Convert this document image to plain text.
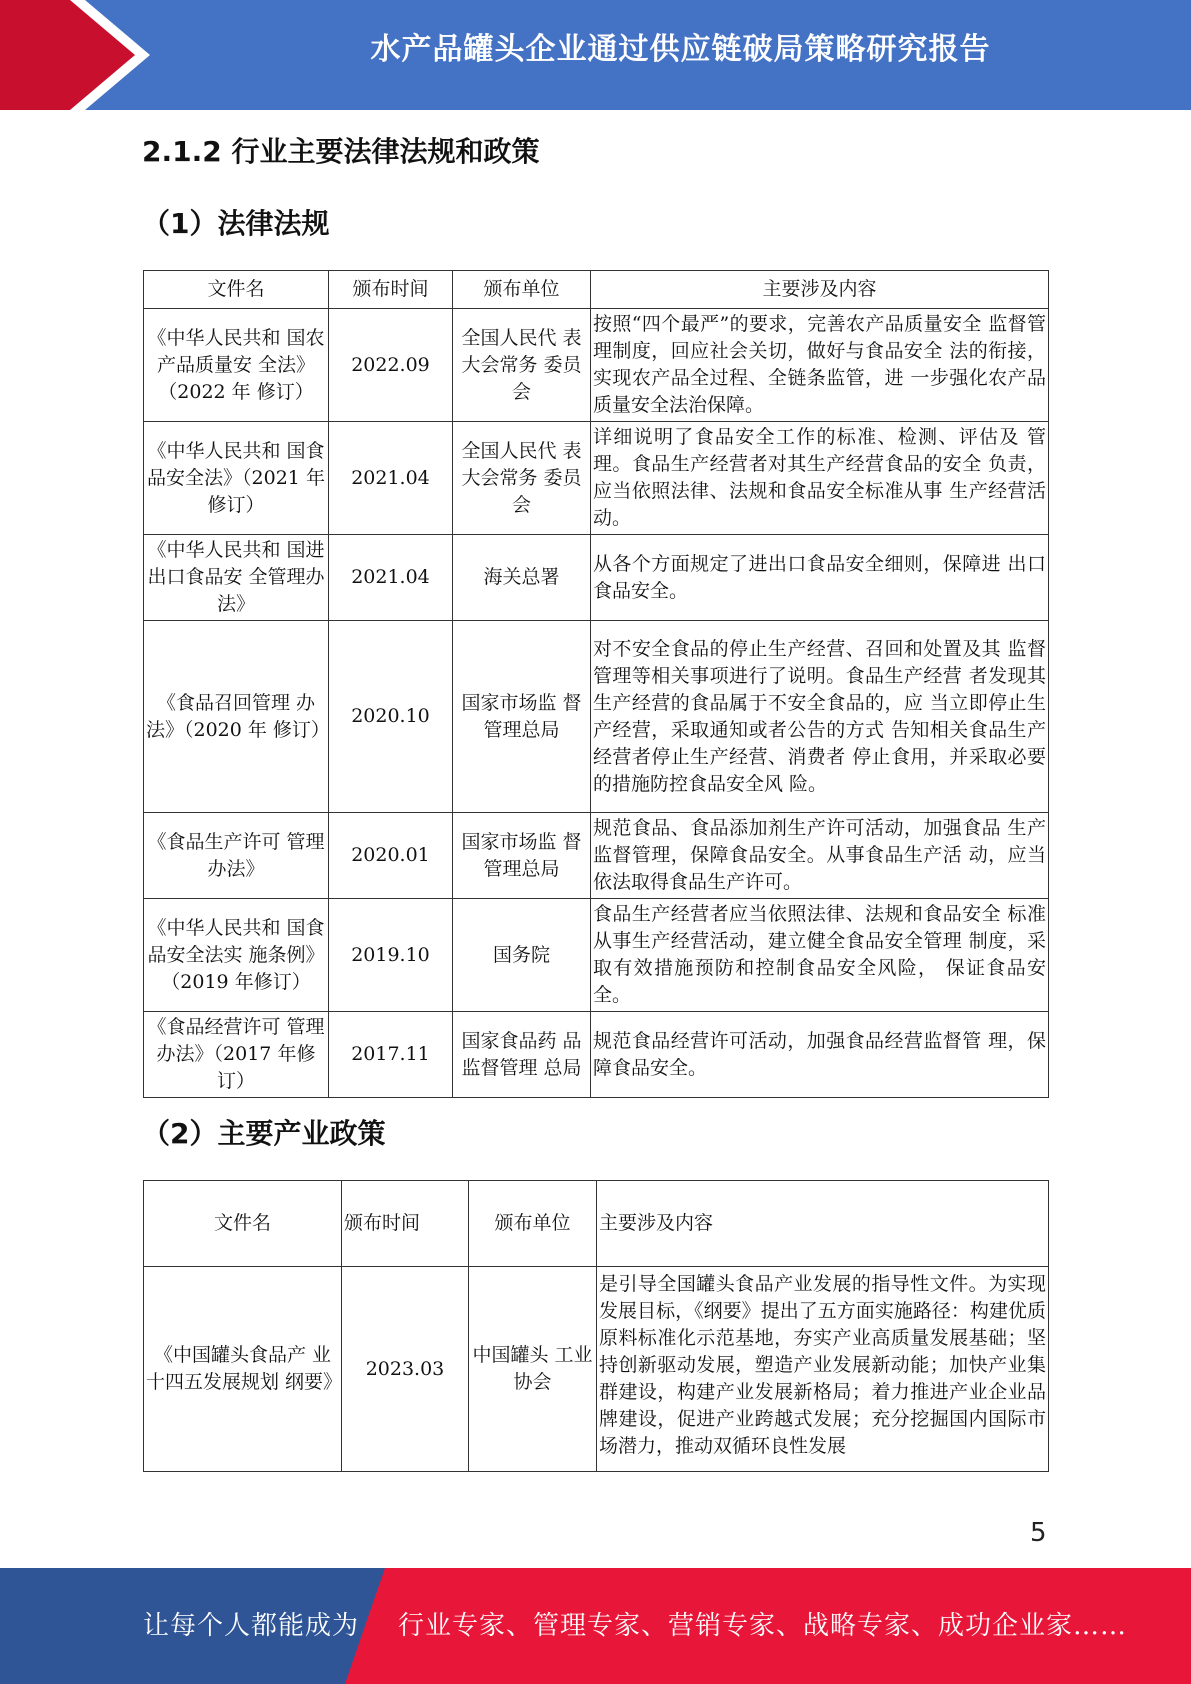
水产品罐头企业通过供应链破局策略研究报告
2.1.2 行业主要法律法规和政策
（1）法律法规
文件名	颁布时间	颁布单位	主要涉及内容
《中华人民共和 国农产品质量安 全法》（2022 年 修订）	2022.09	全国人民代 表大会常务 委员会	按照“四个最严”的要求，完善农产品质量安全 监督管理制度，回应社会关切，做好与食品安全 法的衔接，实现农产品全过程、全链条监管，进 一步强化农产品质量安全法治保障。
《中华人民共和 国食品安全法》（2021 年修订）	2021.04	全国人民代 表大会常务 委员会	详细说明了食品安全工作的标准、检测、评估及 管理。食品生产经营者对其生产经营食品的安全 负责，应当依照法律、法规和食品安全标准从事 生产经营活动。
《中华人民共和 国进出口食品安 全管理办法》	2021.04	海关总署	从各个方面规定了进出口食品安全细则，保障进 出口食品安全。
《食品召回管理 办法》（2020 年 修订）	2020.10	国家市场监 督管理总局	对不安全食品的停止生产经营、召回和处置及其 监督管理等相关事项进行了说明。食品生产经营 者发现其生产经营的食品属于不安全食品的，应 当立即停止生产经营，采取通知或者公告的方式 告知相关食品生产经营者停止生产经营、消费者 停止食用，并采取必要的措施防控食品安全风 险。
《食品生产许可 管理办法》	2020.01	国家市场监 督管理总局	规范食品、食品添加剂生产许可活动，加强食品 生产监督管理，保障食品安全。从事食品生产活 动，应当依法取得食品生产许可。
《中华人民共和 国食品安全法实 施条例》（2019 年修订）	2019.10	国务院	食品生产经营者应当依照法律、法规和食品安全 标准从事生产经营活动，建立健全食品安全管理 制度，采取有效措施预防和控制食品安全风险， 保证食品安全。
《食品经营许可 管理办法》（2017 年修订）	2017.11	国家食品药 品监督管理 总局	规范食品经营许可活动，加强食品经营监督管 理，保障食品安全。
（2）主要产业政策
文件名	颁布时间	颁布单位	主要涉及内容
《中国罐头食品产 业十四五发展规划 纲要》	2023.03	中国罐头 工业协会	是引导全国罐头食品产业发展的指导性文件。为实现发展目标，《纲要》提出了五方面实施路径：构建优质原料标准化示范基地，夯实产业高质量发展基础；坚持创新驱动发展，塑造产业发展新动能；加快产业集群建设，构建产业发展新格局；着力推进产业企业品牌建设，促进产业跨越式发展；充分挖掘国内国际市场潜力，推动双循环良性发展
5
让每个人都能成为 行业专家、管理专家、营销专家、战略专家、成功企业家……
